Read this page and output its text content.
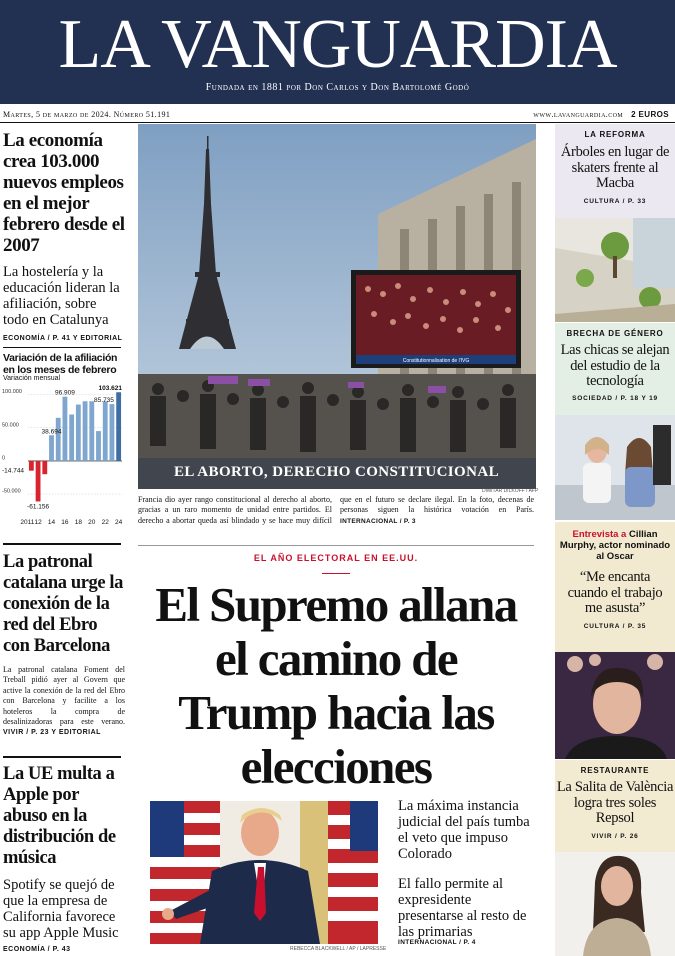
LA VANGUARDIA
Fundada en 1881 por Don Carlos y Don Bartolomé Godó
Martes, 5 de marzo de 2024. Número 51.191	www.lavanguardia.com 2 EUROS
La economía crea 103.000 nuevos empleos en el mejor febrero desde el 2007
La hostelería y la educación lideran la afiliación, sobre todo en Catalunya
ECONOMÍA / P. 41 Y EDITORIAL
Variación de la afiliación en los meses de febrero
Variación mensual
100.000
50.000
0
-50.000
-14.744
-61.156
38.694
96.909
85.735
103.621
2011 12 14 16 18 20 22 24
La patronal catalana urge la conexión de la red del Ebro con Barcelona
La patronal catalana Foment del Treball pidió ayer al Govern que active la conexión de la red del Ebro con Barcelona y facilite a los hoteleros la compra de desalinizadoras para este verano. VIVIR / P. 23 Y EDITORIAL
La UE multa a Apple por abuso en la distribución de música
Spotify se quejó de que la empresa de California favorece su app Apple Music
ECONOMÍA / P. 43
Constitutionnalisation de l'IVG
EL ABORTO, DERECHO CONSTITUCIONAL
DIMITAR DILKOFF / AFP
Francia dio ayer rango constitucional al derecho al aborto, gracias a un raro momento de unidad entre partidos. El derecho a abortar queda así blindado y se hace muy difícil que en el futuro se declare ilegal. En la foto, decenas de personas siguen la histórica votación en París. INTERNACIONAL / P. 3
EL AÑO ELECTORAL EN EE.UU.
El Supremo allana el camino de Trump hacia las elecciones
REBECCA BLACKWELL / AP / LAPRESSE
La máxima instancia judicial del país tumba el veto que impuso Colorado
El fallo permite al expresidente presentarse al resto de las primarias
INTERNACIONAL / P. 4
LA REFORMA
Árboles en lugar de skaters frente al Macba
CULTURA / P. 33
BRECHA DE GÉNERO
Las chicas se alejan del estudio de la tecnología
SOCIEDAD / P. 18 Y 19
Entrevista a Cillian Murphy, actor nominado al Oscar
“Me encanta cuando el trabajo me asusta”
CULTURA / P. 35
RESTAURANTE
La Salita de València logra tres soles Repsol
VIVIR / P. 26
